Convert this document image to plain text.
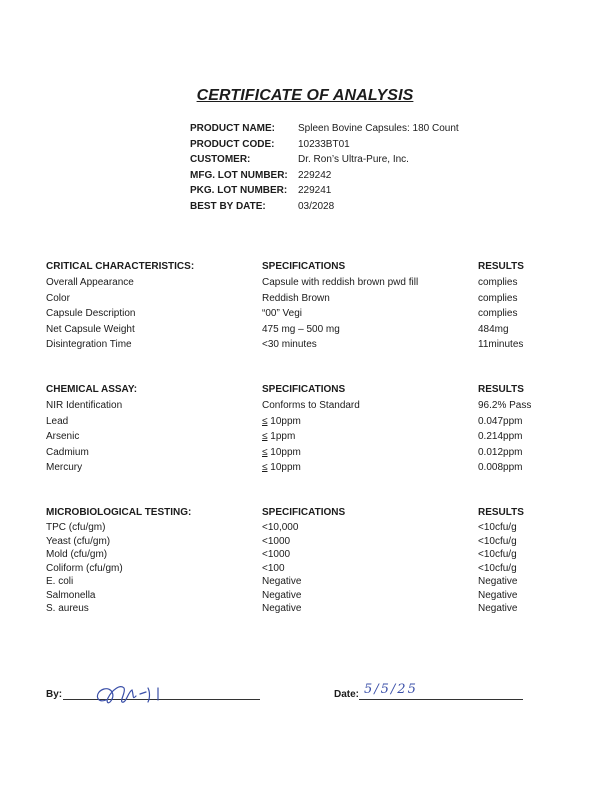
CERTIFICATE OF ANALYSIS
PRODUCT NAME:	Spleen Bovine Capsules: 180 Count
PRODUCT CODE:	10233BT01
CUSTOMER:	Dr. Ron’s Ultra-Pure, Inc.
MFG. LOT NUMBER:	229242
PKG. LOT NUMBER:	229241
BEST BY DATE:	03/2028
CRITICAL CHARACTERISTICS:	SPECIFICATIONS	RESULTS
Overall Appearance	Capsule with reddish brown pwd fill	complies
Color	Reddish Brown	complies
Capsule Description	“00” Vegi	complies
Net Capsule Weight	475 mg – 500 mg	484mg
Disintegration Time	<30 minutes	11minutes
CHEMICAL ASSAY:	SPECIFICATIONS	RESULTS
NIR Identification	Conforms to Standard	96.2% Pass
Lead	≤ 10ppm	0.047ppm
Arsenic	≤ 1ppm	0.214ppm
Cadmium	≤ 10ppm	0.012ppm
Mercury	≤ 10ppm	0.008ppm
MICROBIOLOGICAL TESTING:	SPECIFICATIONS	RESULTS
TPC (cfu/gm)	<10,000	<10cfu/g
Yeast (cfu/gm)	<1000	<10cfu/g
Mold (cfu/gm)	<1000	<10cfu/g
Coliform (cfu/gm)	<100	<10cfu/g
E. coli	Negative	Negative
Salmonella	Negative	Negative
S. aureus	Negative	Negative
By:	Date: 5/5/25
